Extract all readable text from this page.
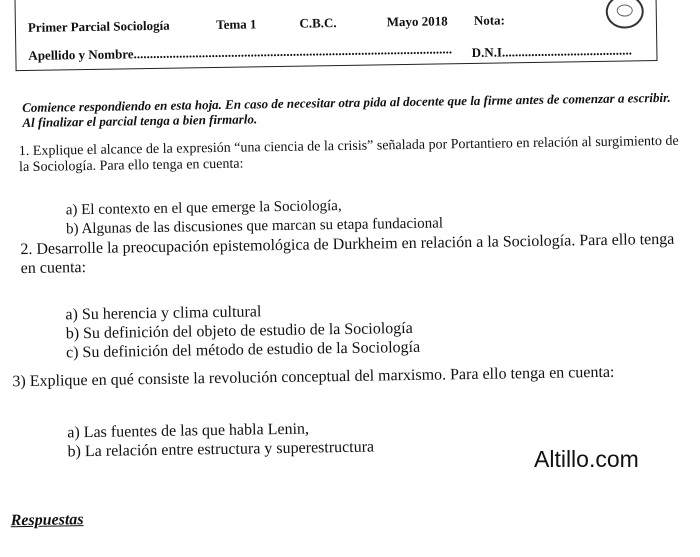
Primer Parcial Sociología	Tema 1	C.B.C.	Mayo 2018 Nota:
Apellido y Nombre.................................................................................................. D.N.I........................................
Comience respondiendo en esta hoja. En caso de necesitar otra pida al docente que la firme antes de comenzar a escribir. Al finalizar el parcial tenga a bien firmarlo.
1. Explique el alcance de la expresión “una ciencia de la crisis” señalada por Portantiero en relación al surgimiento de la Sociología. Para ello tenga en cuenta:
a) El contexto en el que emerge la Sociología,
b) Algunas de las discusiones que marcan su etapa fundacional
2. Desarrolle la preocupación epistemológica de Durkheim en relación a la Sociología. Para ello tenga en cuenta:
a) Su herencia y clima cultural
b) Su definición del objeto de estudio de la Sociología
c) Su definición del método de estudio de la Sociología
3) Explique en qué consiste la revolución conceptual del marxismo. Para ello tenga en cuenta:
a) Las fuentes de las que habla Lenin,
b) La relación entre estructura y superestructura
Respuestas
Altillo.com
